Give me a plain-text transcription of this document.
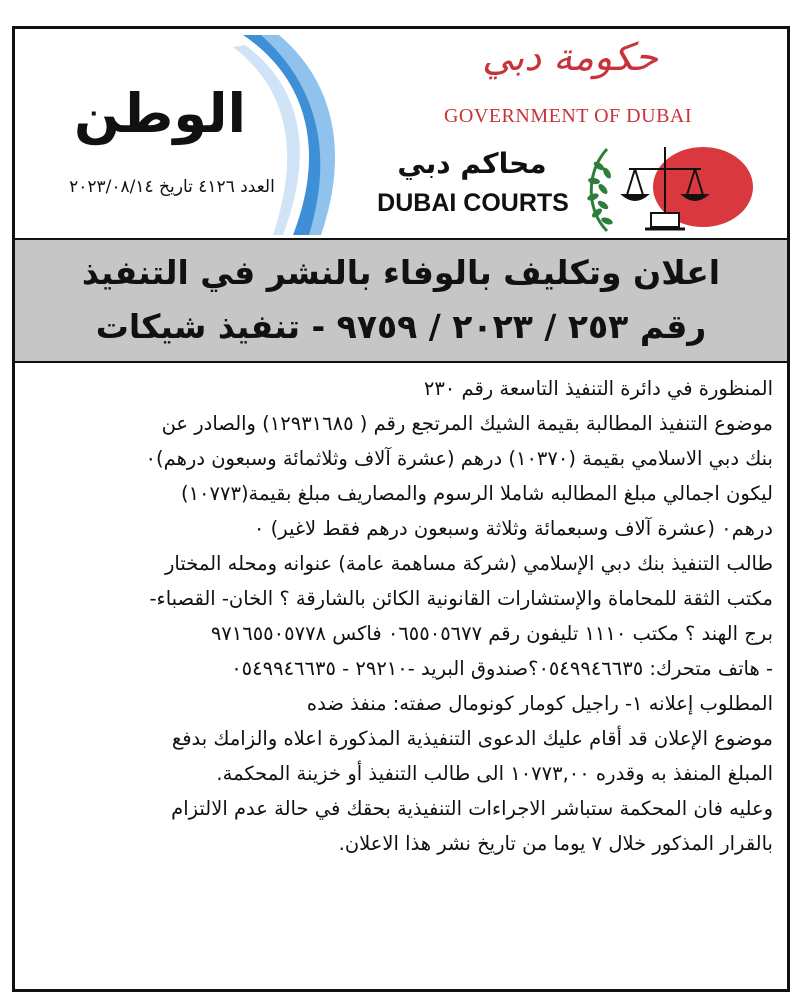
الوطن
العدد ٤١٢٦ تاريخ ٢٠٢٣/٠٨/١٤
حكومة دبي
GOVERNMENT OF DUBAI
محاكم دبي
DUBAI COURTS
اعلان وتكليف بالوفاء بالنشر في التنفيذ
رقم ٢٥٣ / ٢٠٢٣ / ٩٧٥٩ - تنفيذ شيكات
المنظورة في دائرة التنفيذ التاسعة رقم ٢٣٠
موضوع التنفيذ المطالبة بقيمة الشيك المرتجع رقم ( ١٢٩٣١٦٨٥) والصادر عن
بنك دبي الاسلامي بقيمة (١٠٣٧٠) درهم (عشرة آلاف وثلاثمائة وسبعون درهم)٠
ليكون اجمالي مبلغ المطالبه شاملا الرسوم والمصاريف مبلغ بقيمة(١٠٧٧٣)
درهم٠ (عشرة آلاف وسبعمائة وثلاثة وسبعون درهم فقط لاغير) ٠
طالب التنفيذ بنك دبي الإسلامي (شركة مساهمة عامة) عنوانه ومحله المختار
مكتب الثقة للمحاماة والإستشارات القانونية الكائن بالشارقة ؟ الخان- القصباء-
برج الهند ؟ مكتب ١١١٠ تليفون رقم ٠٦٥٥٠٥٦٧٧ فاكس ٩٧١٦٥٥٠٥٧٧٨
- هاتف متحرك: ٠٥٤٩٩٤٦٦٣٥؟صندوق البريد -٢٩٢١٠ - ٠٥٤٩٩٤٦٦٣٥
المطلوب إعلانه ١- راجيل كومار كونومال صفته: منفذ ضده
موضوع الإعلان قد أقام عليك الدعوى التنفيذية المذكورة اعلاه والزامك بدفع
المبلغ المنفذ به وقدره ١٠٧٧٣,٠٠ الى طالب التنفيذ أو خزينة المحكمة.
وعليه فان المحكمة ستباشر الاجراءات التنفيذية بحقك في حالة عدم الالتزام
بالقرار المذكور خلال ٧ يوما من تاريخ نشر هذا الاعلان.
